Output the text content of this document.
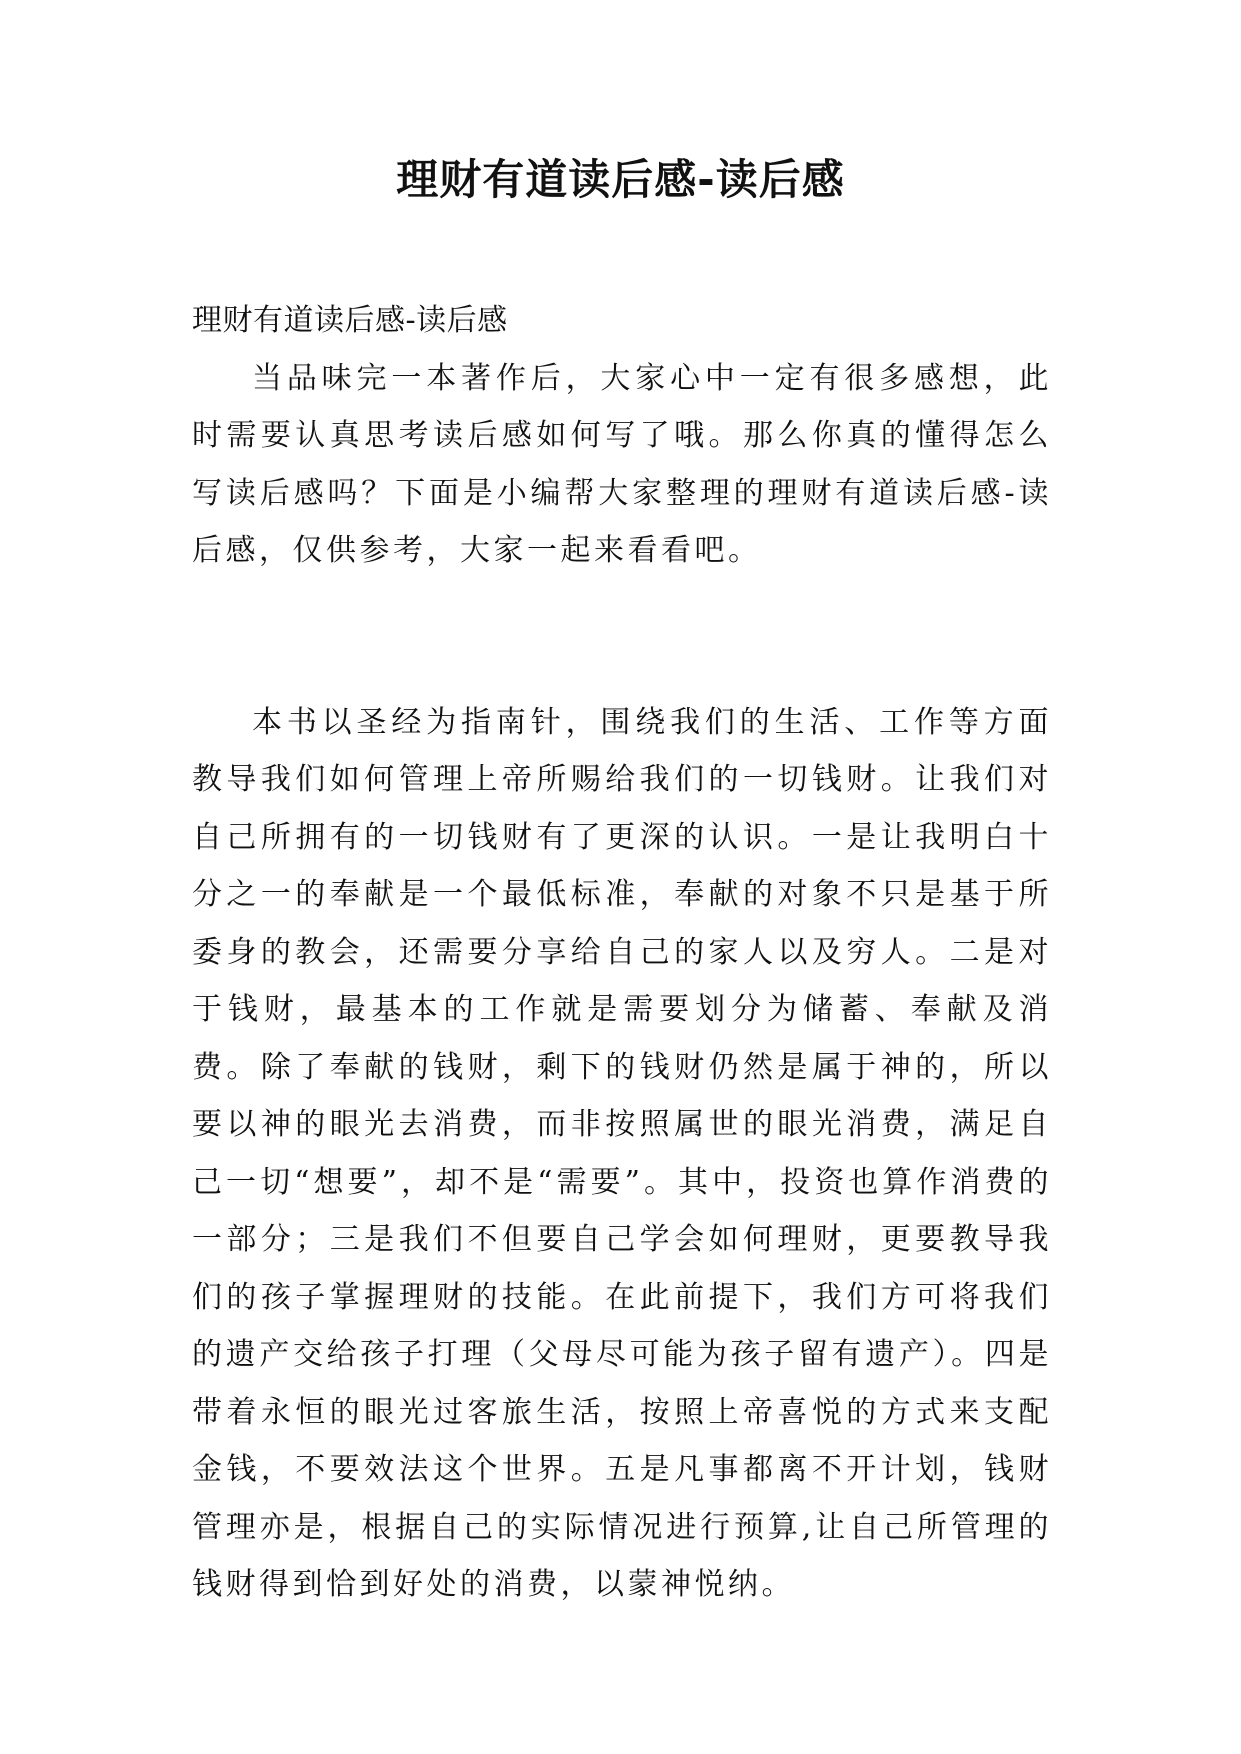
理财有道读后感-读后感

理财有道读后感-读后感

当品味完一本著作后，大家心中一定有很多感想，此时需要认真思考读后感如何写了哦。那么你真的懂得怎么写读后感吗？下面是小编帮大家整理的理财有道读后感-读后感，仅供参考，大家一起来看看吧。

本书以圣经为指南针，围绕我们的生活、工作等方面教导我们如何管理上帝所赐给我们的一切钱财。让我们对自己所拥有的一切钱财有了更深的认识。一是让我明白十分之一的奉献是一个最低标准，奉献的对象不只是基于所委身的教会，还需要分享给自己的家人以及穷人。二是对于钱财，最基本的工作就是需要划分为储蓄、奉献及消费。除了奉献的钱财，剩下的钱财仍然是属于神的，所以要以神的眼光去消费，而非按照属世的眼光消费，满足自己一切“想要”，却不是“需要”。其中，投资也算作消费的一部分；三是我们不但要自己学会如何理财，更要教导我们的孩子掌握理财的技能。在此前提下，我们方可将我们的遗产交给孩子打理（父母尽可能为孩子留有遗产）。四是带着永恒的眼光过客旅生活，按照上帝喜悦的方式来支配金钱，不要效法这个世界。五是凡事都离不开计划，钱财管理亦是，根据自己的实际情况进行预算,让自己所管理的钱财得到恰到好处的消费，以蒙神悦纳。
